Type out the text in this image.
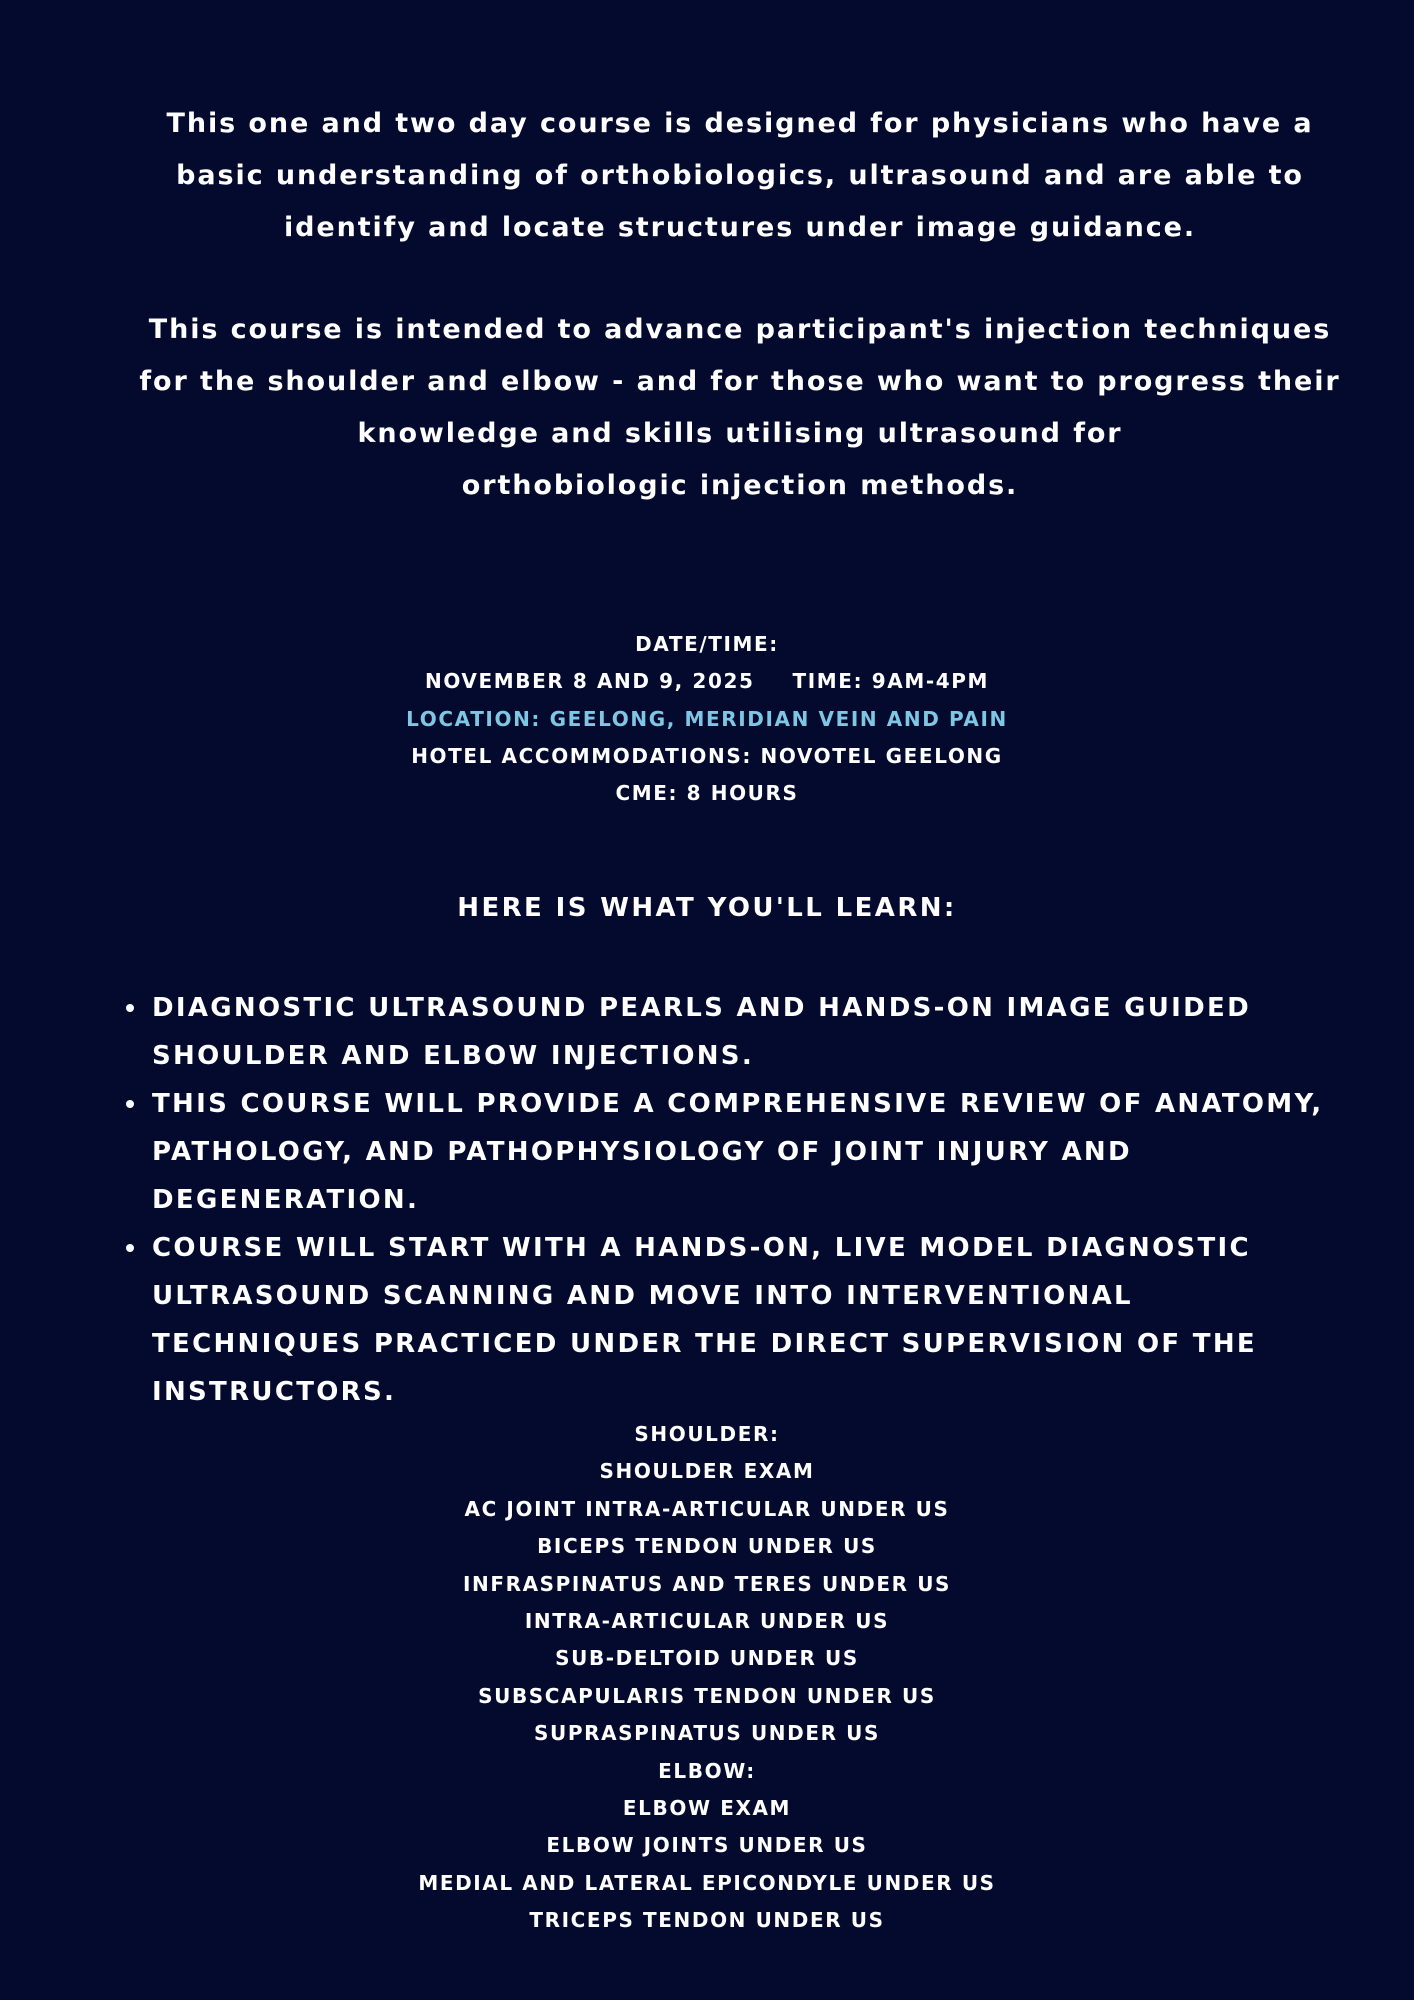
This one and two day course is designed for physicians who have a
basic understanding of orthobiologics, ultrasound and are able to
identify and locate structures under image guidance.

This course is intended to advance participant's injection techniques
for the shoulder and elbow - and for those who want to progress their
knowledge and skills utilising ultrasound for
orthobiologic injection methods.

DATE/TIME:
NOVEMBER 8 AND 9, 2025 TIME: 9AM-4PM
LOCATION: GEELONG, MERIDIAN VEIN AND PAIN
HOTEL ACCOMMODATIONS: NOVOTEL GEELONG
CME: 8 HOURS
HERE IS WHAT YOU'LL LEARN:
DIAGNOSTIC ULTRASOUND PEARLS AND HANDS-ON IMAGE GUIDED
SHOULDER AND ELBOW INJECTIONS.
THIS COURSE WILL PROVIDE A COMPREHENSIVE REVIEW OF ANATOMY,
PATHOLOGY, AND PATHOPHYSIOLOGY OF JOINT INJURY AND
DEGENERATION.
COURSE WILL START WITH A HANDS-ON, LIVE MODEL DIAGNOSTIC
ULTRASOUND SCANNING AND MOVE INTO INTERVENTIONAL
TECHNIQUES PRACTICED UNDER THE DIRECT SUPERVISION OF THE
INSTRUCTORS.
SHOULDER:
SHOULDER EXAM
AC JOINT INTRA-ARTICULAR UNDER US
BICEPS TENDON UNDER US
INFRASPINATUS AND TERES UNDER US
INTRA-ARTICULAR UNDER US
SUB-DELTOID UNDER US
SUBSCAPULARIS TENDON UNDER US
SUPRASPINATUS UNDER US
ELBOW:
ELBOW EXAM
ELBOW JOINTS UNDER US
MEDIAL AND LATERAL EPICONDYLE UNDER US
TRICEPS TENDON UNDER US
